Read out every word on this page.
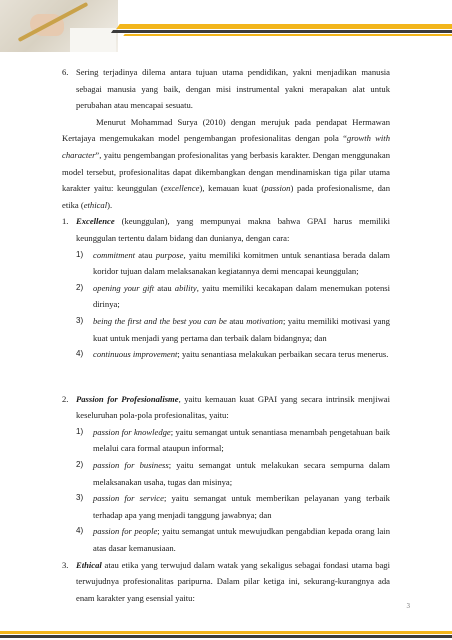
6. Sering terjadinya dilema antara tujuan utama pendidikan, yakni menjadikan manusia sebagai manusia yang baik, dengan misi instrumental yakni merapakan alat untuk perubahan atau mencapai sesuatu.

Menurut Mohammad Surya (2010) dengan merujuk pada pendapat Hermawan Kertajaya mengemukakan model pengembangan profesionalitas dengan pola “growth with character”, yaitu pengembangan profesionalitas yang berbasis karakter. Dengan menggunakan model tersebut, profesionalitas dapat dikembangkan dengan mendinamiskan tiga pilar utama karakter yaitu: keunggulan (excellence), kemauan kuat (passion) pada profesionalisme, dan etika (ethical).

1. Excellence (keunggulan), yang mempunyai makna bahwa GPAI harus memiliki keunggulan tertentu dalam bidang dan dunianya, dengan cara:

1) commitment atau purpose, yaitu memiliki komitmen untuk senantiasa berada dalam koridor tujuan dalam melaksanakan kegiatannya demi mencapai keunggulan;

2) opening your gift atau ability, yaitu memiliki kecakapan dalam menemukan potensi dirinya;

3) being the first and the best you can be atau motivation; yaitu memiliki motivasi yang kuat untuk menjadi yang pertama dan terbaik dalam bidangnya; dan

4) continuous improvement; yaitu senantiasa melakukan perbaikan secara terus menerus.

2. Passion for Profesionalisme, yaitu kemauan kuat GPAI yang secara intrinsik menjiwai keseluruhan pola-pola profesionalitas, yaitu:

1) passion for knowledge; yaitu semangat untuk senantiasa menambah pengetahuan baik melalui cara formal ataupun informal;

2) passion for business; yaitu semangat untuk melakukan secara sempurna dalam melaksanakan usaha, tugas dan misinya;

3) passion for service; yaitu semangat untuk memberikan pelayanan yang terbaik terhadap apa yang menjadi tanggung jawabnya; dan

4) passion for people; yaitu semangat untuk mewujudkan pengabdian kepada orang lain atas dasar kemanusiaan.

3. Ethical atau etika yang terwujud dalam watak yang sekaligus sebagai fondasi utama bagi terwujudnya profesionalitas paripurna. Dalam pilar ketiga ini, sekurang-kurangnya ada enam karakter yang esensial yaitu:

3
